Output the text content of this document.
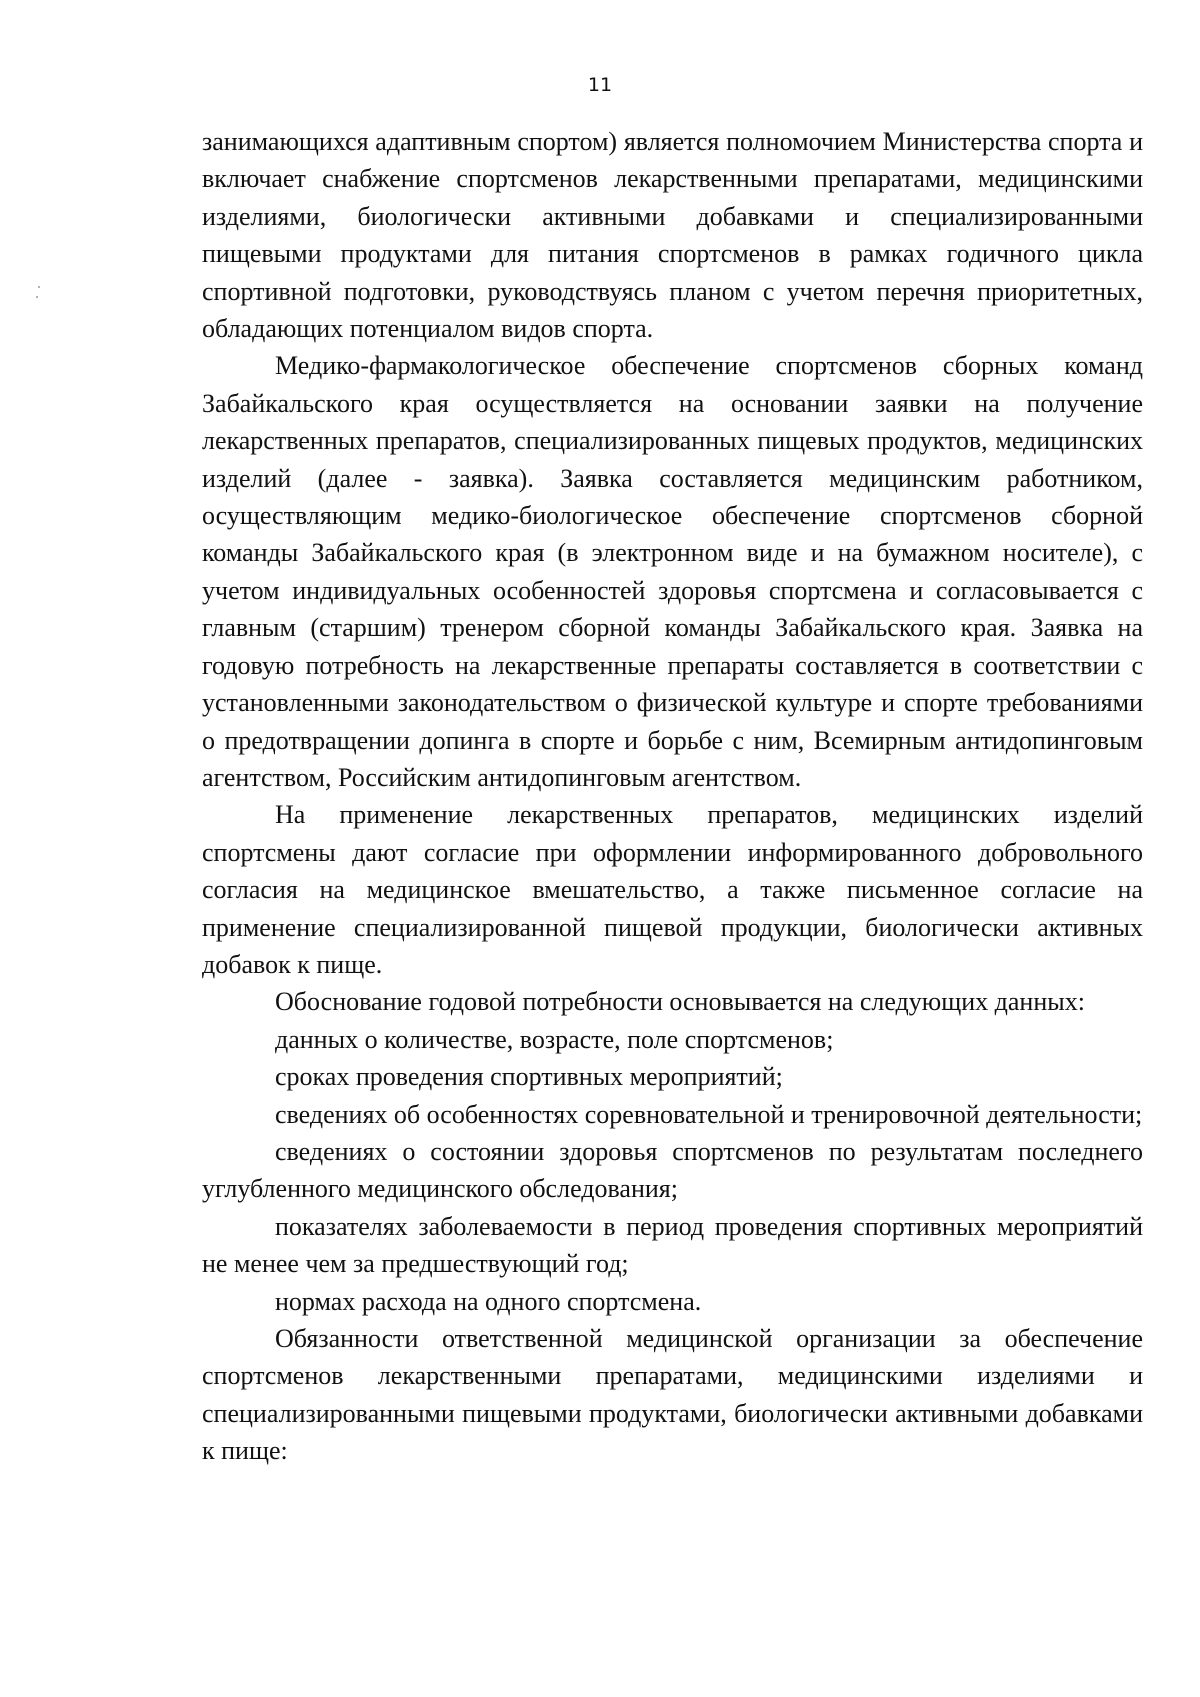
11

занимающихся адаптивным спортом) является полномочием Министерства спорта и включает снабжение спортсменов лекарственными препаратами, медицинскими изделиями, биологически активными добавками и специализированными пищевыми продуктами для питания спортсменов в рамках годичного цикла спортивной подготовки, руководствуясь планом с учетом перечня приоритетных, обладающих потенциалом видов спорта.

Медико-фармакологическое обеспечение спортсменов сборных команд Забайкальского края осуществляется на основании заявки на получение лекарственных препаратов, специализированных пищевых продуктов, медицинских изделий (далее - заявка). Заявка составляется медицинским работником, осуществляющим медико-биологическое обеспечение спортсменов сборной команды Забайкальского края (в электронном виде и на бумажном носителе), с учетом индивидуальных особенностей здоровья спортсмена и согласовывается с главным (старшим) тренером сборной команды Забайкальского края. Заявка на годовую потребность на лекарственные препараты составляется в соответствии с установленными законодательством о физической культуре и спорте требованиями о предотвращении допинга в спорте и борьбе с ним, Всемирным антидопинговым агентством, Российским антидопинговым агентством.

На применение лекарственных препаратов, медицинских изделий спортсмены дают согласие при оформлении информированного добровольного согласия на медицинское вмешательство, а также письменное согласие на применение специализированной пищевой продукции, биологически активных добавок к пище.

Обоснование годовой потребности основывается на следующих данных:

данных о количестве, возрасте, поле спортсменов;

сроках проведения спортивных мероприятий;

сведениях об особенностях соревновательной и тренировочной деятельности;

сведениях о состоянии здоровья спортсменов по результатам последнего углубленного медицинского обследования;

показателях заболеваемости в период проведения спортивных мероприятий не менее чем за предшествующий год;

нормах расхода на одного спортсмена.

Обязанности ответственной медицинской организации за обеспечение спортсменов лекарственными препаратами, медицинскими изделиями и специализированными пищевыми продуктами, биологически активными добавками к пище:
